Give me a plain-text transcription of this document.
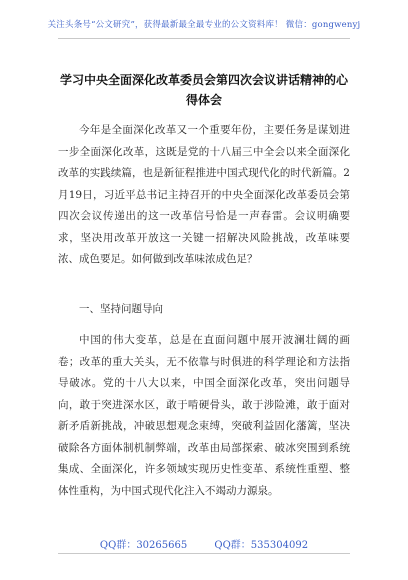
关注头条号“公文研究”，获得最新最全最专业的公文资料库！ 微信：gongwenyj
学习中央全面深化改革委员会第四次会议讲话精神的心得体会
今年是全面深化改革又一个重要年份，主要任务是谋划进一步全面深化改革，这既是党的十八届三中全会以来全面深化改革的实践续篇，也是新征程推进中国式现代化的时代新篇。2月19日，习近平总书记主持召开的中央全面深化改革委员会第四次会议传递出的这一改革信号恰是一声春雷。会议明确要求，坚决用改革开放这一关键一招解决风险挑战，改革味要浓、成色要足。如何做到改革味浓成色足？
一、坚持问题导向
中国的伟大变革，总是在直面问题中展开波澜壮阔的画卷；改革的重大关头，无不依靠与时俱进的科学理论和方法指导破冰。党的十八大以来，中国全面深化改革，突出问题导向，敢于突进深水区，敢于啃硬骨头，敢于涉险滩，敢于面对新矛盾新挑战，冲破思想观念束缚，突破利益固化藩篱，坚决破除各方面体制机制弊端，改革由局部探索、破冰突围到系统集成、全面深化，许多领域实现历史性变革、系统性重塑、整体性重构，为中国式现代化注入不竭动力源泉。
QQ群：30265665	QQ群：535304092
